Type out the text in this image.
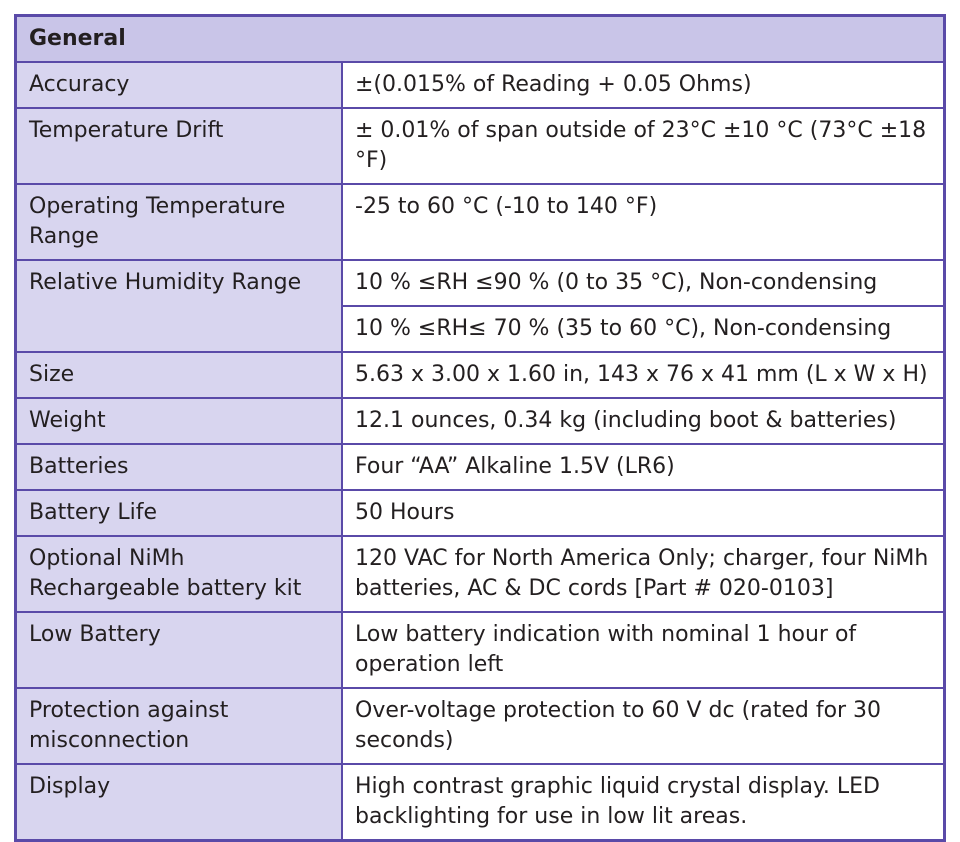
General	
Accuracy	±(0.015% of Reading + 0.05 Ohms)
Temperature Drift	± 0.01% of span outside of 23°C ±10 °C (73°C ±18 °F)
Operating Temperature Range	-25 to 60 °C (-10 to 140 °F)
Relative Humidity Range	10 % ≤RH ≤90 % (0 to 35 °C), Non-condensing
	10 % ≤RH≤ 70 % (35 to 60 °C), Non-condensing
Size	5.63 x 3.00 x 1.60 in, 143 x 76 x 41 mm (L x W x H)
Weight	12.1 ounces, 0.34 kg (including boot & batteries)
Batteries	Four “AA” Alkaline 1.5V (LR6)
Battery Life	50 Hours
Optional NiMh Rechargeable battery kit	120 VAC for North America Only; charger, four NiMh batteries, AC & DC cords [Part # 020-0103]
Low Battery	Low battery indication with nominal 1 hour of operation left
Protection against misconnection	Over-voltage protection to 60 V dc (rated for 30 seconds)
Display	High contrast graphic liquid crystal display. LED backlighting for use in low lit areas.
